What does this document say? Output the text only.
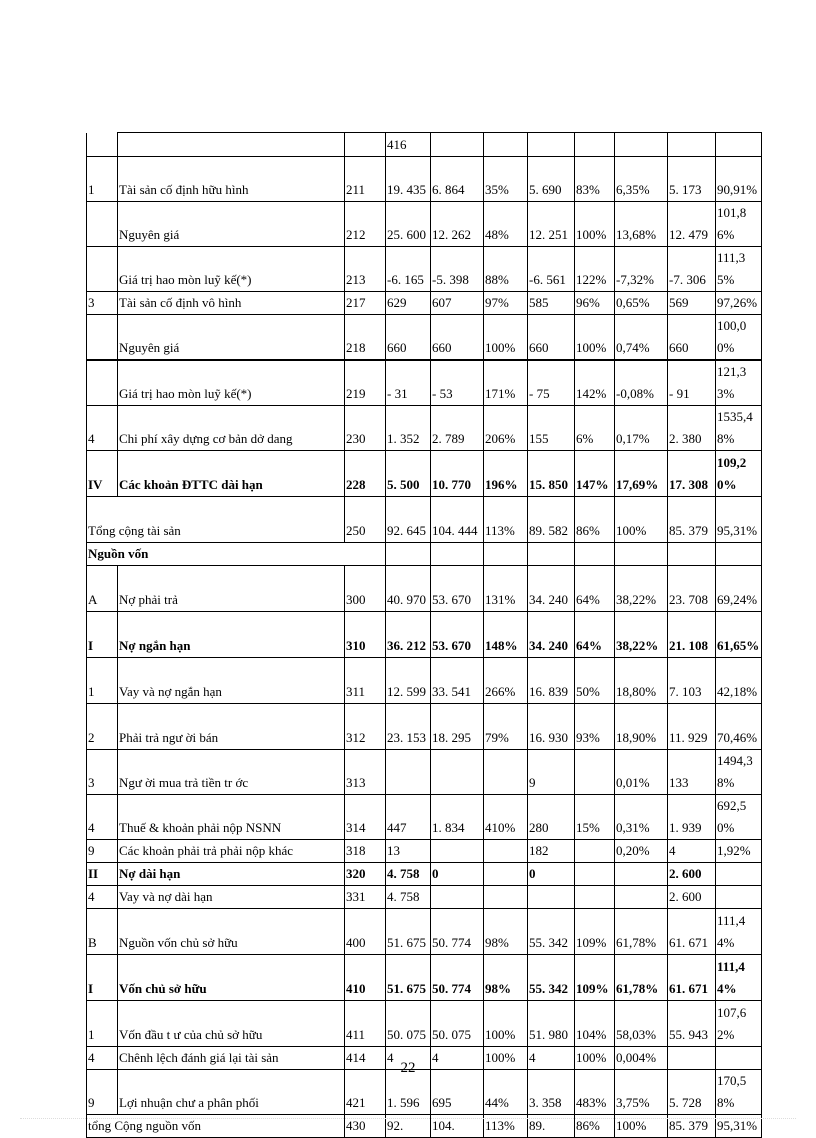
			416							
1	Tài sản cố định hữu hình	211	19. 435	6. 864	35%	5. 690	83%	6,35%	5. 173	90,91%
	Nguyên giá	212	25. 600	12. 262	48%	12. 251	100%	13,68%	12. 479	101,86%
	Giá trị hao mòn luỹ kế(*)	213	-6. 165	-5. 398	88%	-6. 561	122%	-7,32%	-7. 306	111,35%
3	Tài sản cố định vô hình	217	629	607	97%	585	96%	0,65%	569	97,26%
	Nguyên giá	218	660	660	100%	660	100%	0,74%	660	100,00%
	Giá trị hao mòn luỹ kế(*)	219	- 31	- 53	171%	- 75	142%	-0,08%	- 91	121,33%
4	Chi phí xây dựng cơ bản dở dang	230	1. 352	2. 789	206%	155	6%	0,17%	2. 380	1535,48%
IV	Các khoản ĐTTC dài hạn	228	5. 500	10. 770	196%	15. 850	147%	17,69%	17. 308	109,20%
Tổng cộng tài sản		250	92. 645	104. 444	113%	89. 582	86%	100%	85. 379	95,31%
Nguồn vốn										
A	Nợ phải trả	300	40. 970	53. 670	131%	34. 240	64%	38,22%	23. 708	69,24%
I	Nợ ngắn hạn	310	36. 212	53. 670	148%	34. 240	64%	38,22%	21. 108	61,65%
1	Vay và nợ ngắn hạn	311	12. 599	33. 541	266%	16. 839	50%	18,80%	7. 103	42,18%
2	Phải trả ngư ời bán	312	23. 153	18. 295	79%	16. 930	93%	18,90%	11. 929	70,46%
3	Ngư ời mua trả tiền tr ớc	313				9		0,01%	133	1494,38%
4	Thuế & khoản phải nộp NSNN	314	447	1. 834	410%	280	15%	0,31%	1. 939	692,50%
9	Các khoản phải trả phải nộp khác	318	13			182		0,20%	4	1,92%
II	Nợ dài hạn	320	4. 758	0		0			2. 600	
4	Vay và nợ dài hạn	331	4. 758						2. 600	
B	Nguồn vốn chủ sở hữu	400	51. 675	50. 774	98%	55. 342	109%	61,78%	61. 671	111,44%
I	Vốn chủ sở hữu	410	51. 675	50. 774	98%	55. 342	109%	61,78%	61. 671	111,44%
1	Vốn đầu t ư của chủ sở hữu	411	50. 075	50. 075	100%	51. 980	104%	58,03%	55. 943	107,62%
4	Chênh lệch đánh giá lại tài sản	414	4	4	100%	4	100%	0,004%		
9	Lợi nhuận chư a phân phối	421	1. 596	695	44%	3. 358	483%	3,75%	5. 728	170,58%
tổng Cộng nguồn vốn		430	92.	104.	113%	89.	86%	100%	85. 379	95,31%
22
